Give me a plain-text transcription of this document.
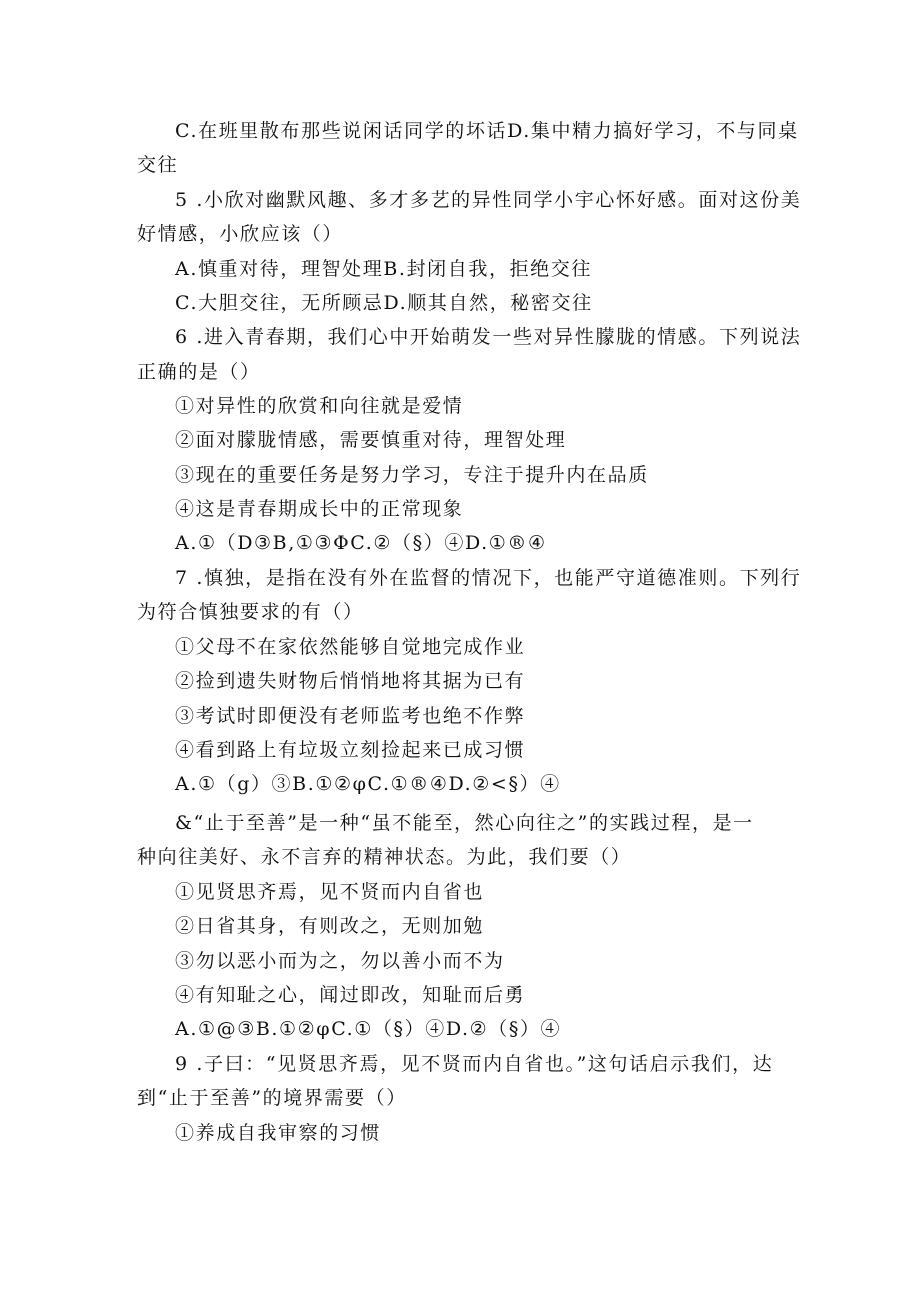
C.在班里散布那些说闲话同学的坏话D.集中精力搞好学习，不与同桌
交往
5 .小欣对幽默风趣、多才多艺的异性同学小宇心怀好感。面对这份美
好情感，小欣应该（）
A.慎重对待，理智处理B.封闭自我，拒绝交往
C.大胆交往，无所顾忌D.顺其自然，秘密交往
6 .进入青春期，我们心中开始萌发一些对异性朦胧的情感。下列说法
正确的是（）
①对异性的欣赏和向往就是爱情
②面对朦胧情感，需要慎重对待，理智处理
③现在的重要任务是努力学习，专注于提升内在品质
④这是青春期成长中的正常现象
A.①（D③B,①③ΦC.②（§）④D.①®④
7 .慎独，是指在没有外在监督的情况下，也能严守道德准则。下列行
为符合慎独要求的有（）
①父母不在家依然能够自觉地完成作业
②捡到遗失财物后悄悄地将其据为已有
③考试时即便没有老师监考也绝不作弊
④看到路上有垃圾立刻捡起来已成习惯
A.①（g）③B.①②φC.①®④D.②<§）④
&“止于至善”是一种“虽不能至，然心向往之”的实践过程，是一
种向往美好、永不言弃的精神状态。为此，我们要（）
①见贤思齐焉，见不贤而内自省也
②日省其身，有则改之，无则加勉
③勿以恶小而为之，勿以善小而不为
④有知耻之心，闻过即改，知耻而后勇
A.①@③B.①②φC.①（§）④D.②（§）④
9 .子曰：“见贤思齐焉，见不贤而内自省也。”这句话启示我们，达
到“止于至善”的境界需要（）
①养成自我审察的习惯
